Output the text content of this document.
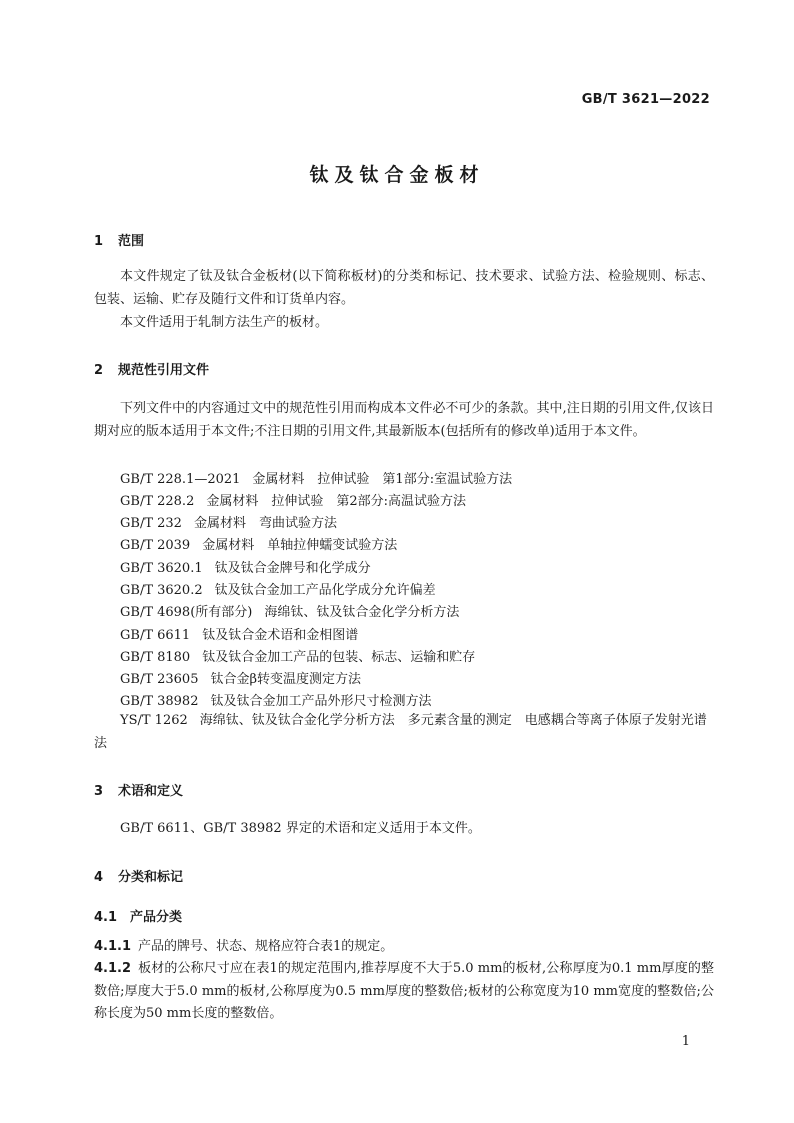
GB/T 3621—2022
钛及钛合金板材
1 范围
本文件规定了钛及钛合金板材(以下简称板材)的分类和标记、技术要求、试验方法、检验规则、标志、包装、运输、贮存及随行文件和订货单内容。
本文件适用于轧制方法生产的板材。
2 规范性引用文件
下列文件中的内容通过文中的规范性引用而构成本文件必不可少的条款。其中,注日期的引用文件,仅该日期对应的版本适用于本文件;不注日期的引用文件,其最新版本(包括所有的修改单)适用于本文件。
GB/T 228.1—2021 金属材料　拉伸试验　第1部分:室温试验方法
GB/T 228.2 金属材料　拉伸试验　第2部分:高温试验方法
GB/T 232 金属材料　弯曲试验方法
GB/T 2039 金属材料　单轴拉伸蠕变试验方法
GB/T 3620.1 钛及钛合金牌号和化学成分
GB/T 3620.2 钛及钛合金加工产品化学成分允许偏差
GB/T 4698(所有部分) 海绵钛、钛及钛合金化学分析方法
GB/T 6611 钛及钛合金术语和金相图谱
GB/T 8180 钛及钛合金加工产品的包装、标志、运输和贮存
GB/T 23605 钛合金β转变温度测定方法
GB/T 38982 钛及钛合金加工产品外形尺寸检测方法
YS/T 1262 海绵钛、钛及钛合金化学分析方法　多元素含量的测定　电感耦合等离子体原子发射光谱法
3 术语和定义
GB/T 6611、GB/T 38982 界定的术语和定义适用于本文件。
4 分类和标记
4.1 产品分类
4.1.1 产品的牌号、状态、规格应符合表1的规定。
4.1.2 板材的公称尺寸应在表1的规定范围内,推荐厚度不大于5.0 mm的板材,公称厚度为0.1 mm厚度的整数倍;厚度大于5.0 mm的板材,公称厚度为0.5 mm厚度的整数倍;板材的公称宽度为10 mm宽度的整数倍;公称长度为50 mm长度的整数倍。
1
